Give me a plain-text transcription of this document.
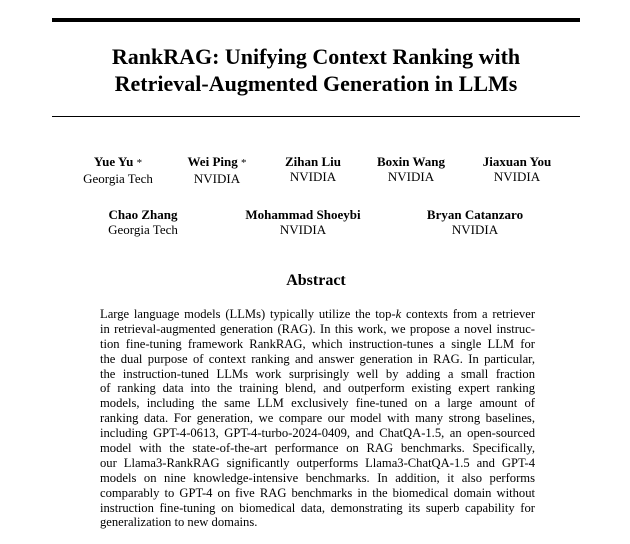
RankRAG: Unifying Context Ranking with
Retrieval-Augmented Generation in LLMs
Yue Yu *
Georgia Tech
Wei Ping *
NVIDIA
Zihan Liu
NVIDIA
Boxin Wang
NVIDIA
Jiaxuan You
NVIDIA
Chao Zhang
Georgia Tech
Mohammad Shoeybi
NVIDIA
Bryan Catanzaro
NVIDIA
Abstract
Large language models (LLMs) typically utilize the top-k contexts from a retriever
in retrieval-augmented generation (RAG). In this work, we propose a novel instruc-
tion fine-tuning framework RankRAG, which instruction-tunes a single LLM for
the dual purpose of context ranking and answer generation in RAG. In particular,
the instruction-tuned LLMs work surprisingly well by adding a small fraction
of ranking data into the training blend, and outperform existing expert ranking
models, including the same LLM exclusively fine-tuned on a large amount of
ranking data. For generation, we compare our model with many strong baselines,
including GPT-4-0613, GPT-4-turbo-2024-0409, and ChatQA-1.5, an open-sourced
model with the state-of-the-art performance on RAG benchmarks. Specifically,
our Llama3-RankRAG significantly outperforms Llama3-ChatQA-1.5 and GPT-4
models on nine knowledge-intensive benchmarks. In addition, it also performs
comparably to GPT-4 on five RAG benchmarks in the biomedical domain without
instruction fine-tuning on biomedical data, demonstrating its superb capability for
generalization to new domains.
